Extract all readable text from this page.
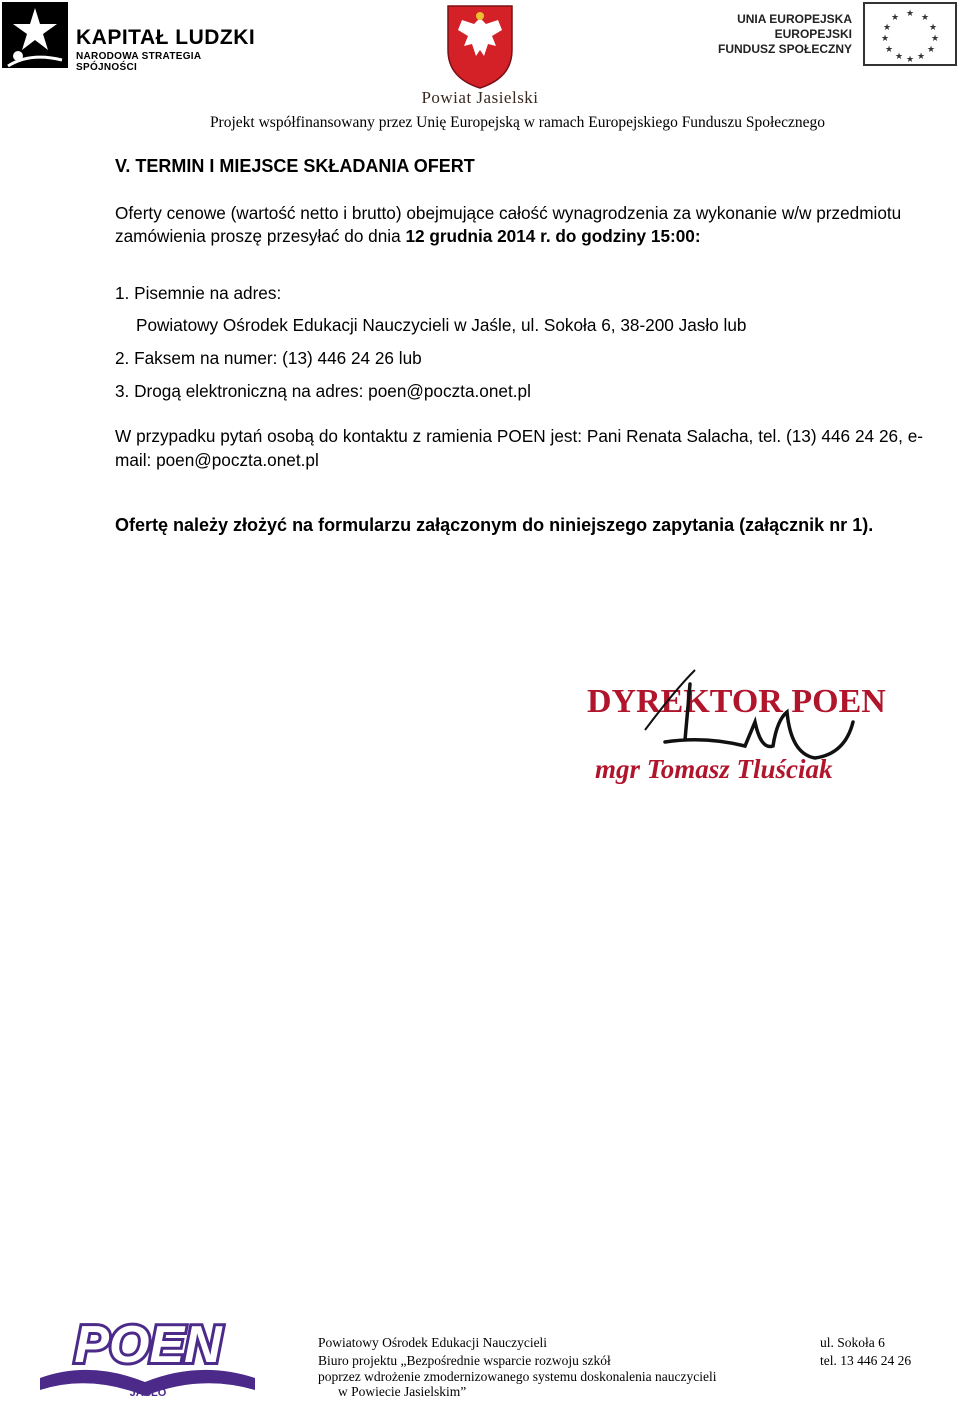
KAPITAŁ LUDZKI
NARODOWA STRATEGIA SPÓJNOŚCI
Powiat Jasielski
UNIA EUROPEJSKA
EUROPEJSKI
FUNDUSZ SPOŁECZNY
★ ★
★
★
★
★
★
★
★
★
★
★
Projekt współfinansowany przez Unię Europejską w ramach Europejskiego Funduszu Społecznego
V. TERMIN I MIEJSCE SKŁADANIA OFERT
Oferty cenowe (wartość netto i brutto) obejmujące całość wynagrodzenia za wykonanie w/w przedmiotu zamówienia proszę przesyłać do dnia 12 grudnia 2014 r. do godziny 15:00:
1. Pisemnie na adres:
Powiatowy Ośrodek Edukacji Nauczycieli w Jaśle, ul. Sokoła 6, 38-200 Jasło lub
2. Faksem na numer: (13) 446 24 26 lub
3. Drogą elektroniczną na adres: poen@poczta.onet.pl
W przypadku pytań osobą do kontaktu z ramienia POEN jest: Pani Renata Salacha, tel. (13) 446 24 26, e-mail: poen@poczta.onet.pl
Ofertę należy złożyć na formularzu załączonym do niniejszego zapytania (załącznik nr 1).
DYREKTOR POEN
mgr Tomasz Tluściak
POEN
JASŁO
Powiatowy Ośrodek Edukacji Nauczycieli	ul. Sokoła 6
Biuro projektu „Bezpośrednie wsparcie rozwoju szkół	tel. 13 446 24 26
poprzez wdrożenie zmodernizowanego systemu doskonalenia nauczycieli
w Powiecie Jasielskim”
